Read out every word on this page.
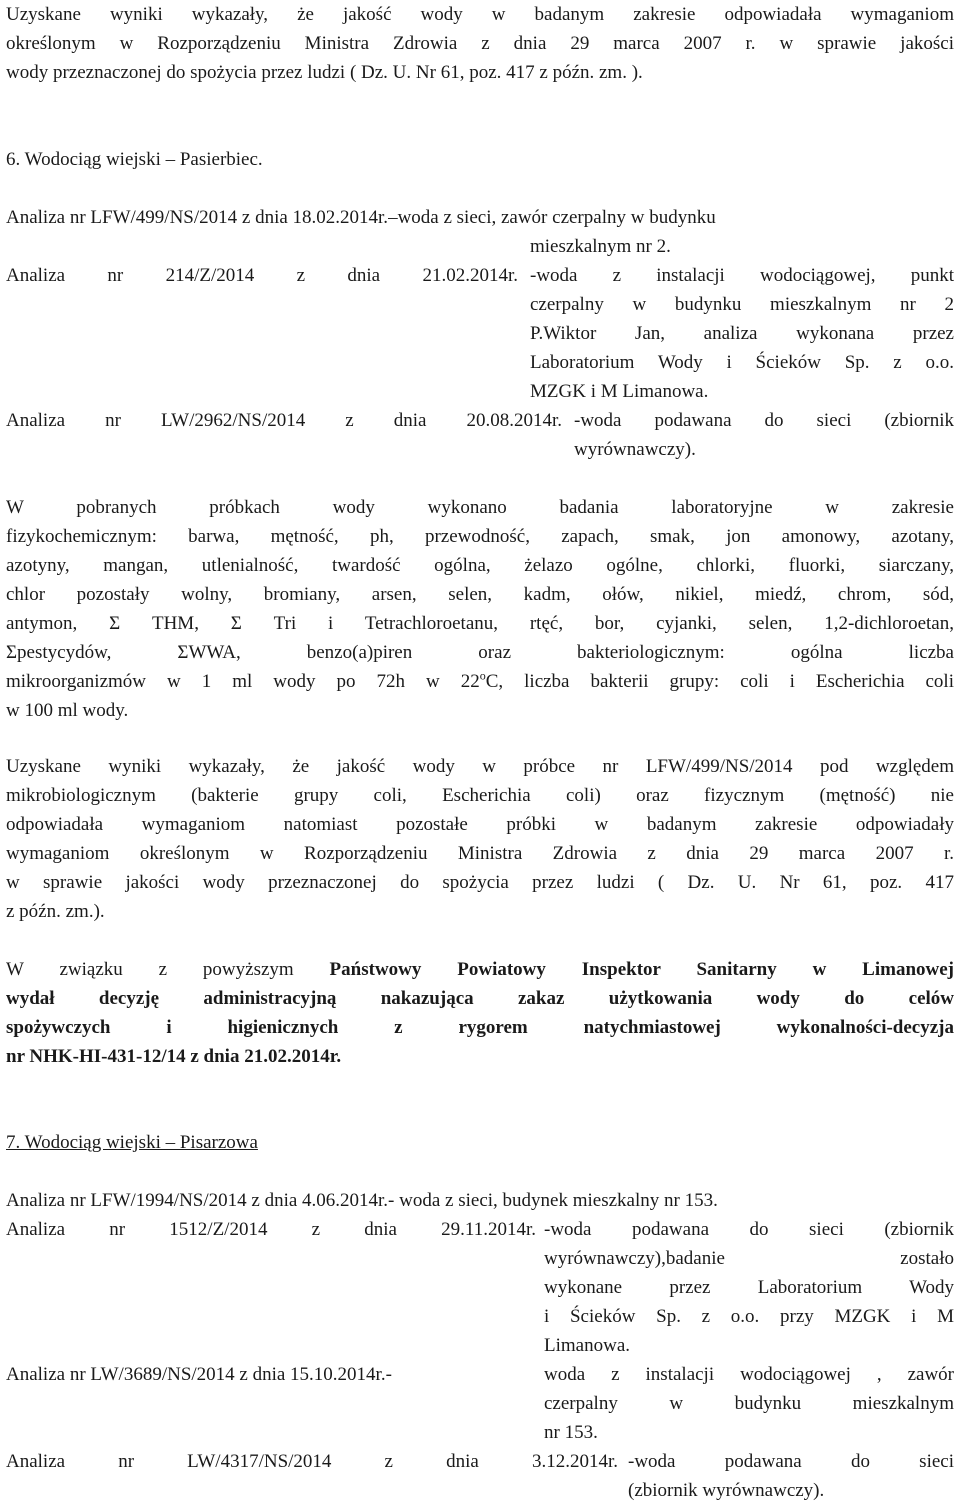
Uzyskane wyniki wykazały, że jakość wody w badanym zakresie odpowiadała wymaganiom

określonym w Rozporządzeniu Ministra Zdrowia z dnia 29 marca 2007 r. w sprawie jakości

wody przeznaczonej do spożycia przez ludzi ( Dz. U. Nr 61, poz. 417 z późn. zm. ).

6. Wodociąg wiejski – Pasierbiec.

Analiza nr LFW/499/NS/2014 z dnia 18.02.2014r.–woda z sieci, zawór czerpalny w budynku

mieszkalnym nr 2.

Analiza nr 214/Z/2014 z dnia 21.02.2014r. -woda z instalacji wodociągowej, punkt

czerpalny w budynku mieszkalnym nr 2

P.Wiktor Jan, analiza wykonana przez

Laboratorium Wody i Ścieków Sp. z o.o.

MZGK i M Limanowa.

Analiza nr LW/2962/NS/2014 z dnia 20.08.2014r. -woda podawana do sieci (zbiornik

wyrównawczy).

W pobranych próbkach wody wykonano badania laboratoryjne w zakresie

fizykochemicznym: barwa, mętność, ph, przewodność, zapach, smak, jon amonowy, azotany,

azotyny, mangan, utlenialność, twardość ogólna, żelazo ogólne, chlorki, fluorki, siarczany,

chlor pozostały wolny, bromiany, arsen, selen, kadm, ołów, nikiel, miedź, chrom, sód,

antymon, Σ THM, Σ Tri i Tetrachloroetanu, rtęć, bor, cyjanki, selen, 1,2-dichloroetan,

Σpestycydów, ΣWWA, benzo(a)piren oraz bakteriologicznym: ogólna liczba

mikroorganizmów w 1 ml wody po 72h w 22$^o$C, liczba bakterii grupy: coli i Escherichia coli

w 100 ml wody.

Uzyskane wyniki wykazały, że jakość wody w próbce nr LFW/499/NS/2014 pod względem

mikrobiologicznym (bakterie grupy coli, Escherichia coli) oraz fizycznym (mętność) nie

odpowiadała wymaganiom natomiast pozostałe próbki w badanym zakresie odpowiadały

wymaganiom określonym w Rozporządzeniu Ministra Zdrowia z dnia 29 marca 2007 r.

w sprawie jakości wody przeznaczonej do spożycia przez ludzi ( Dz. U. Nr 61, poz. 417

z późn. zm.).

W związku z powyższym Państwowy Powiatowy Inspektor Sanitarny w Limanowej

wydał decyzję administracyjną nakazująca zakaz użytkowania wody do celów

spożywczych i higienicznych z rygorem natychmiastowej wykonalności-decyzja

nr NHK-HI-431-12/14 z dnia 21.02.2014r.

7. Wodociąg wiejski – Pisarzowa

Analiza nr LFW/1994/NS/2014 z dnia 4.06.2014r.- woda z sieci, budynek mieszkalny nr 153.

Analiza nr 1512/Z/2014 z dnia 29.11.2014r. -woda podawana do sieci (zbiornik

wyrównawczy),badanie zostało

wykonane przez Laboratorium Wody

i Ścieków Sp. z o.o. przy MZGK i M

Limanowa.

Analiza nr LW/3689/NS/2014 z dnia 15.10.2014r.-	woda z instalacji wodociągowej , zawór

czerpalny w budynku mieszkalnym

nr 153.

Analiza nr LW/4317/NS/2014 z dnia 3.12.2014r. -woda podawana do sieci

(zbiornik wyrównawczy).
